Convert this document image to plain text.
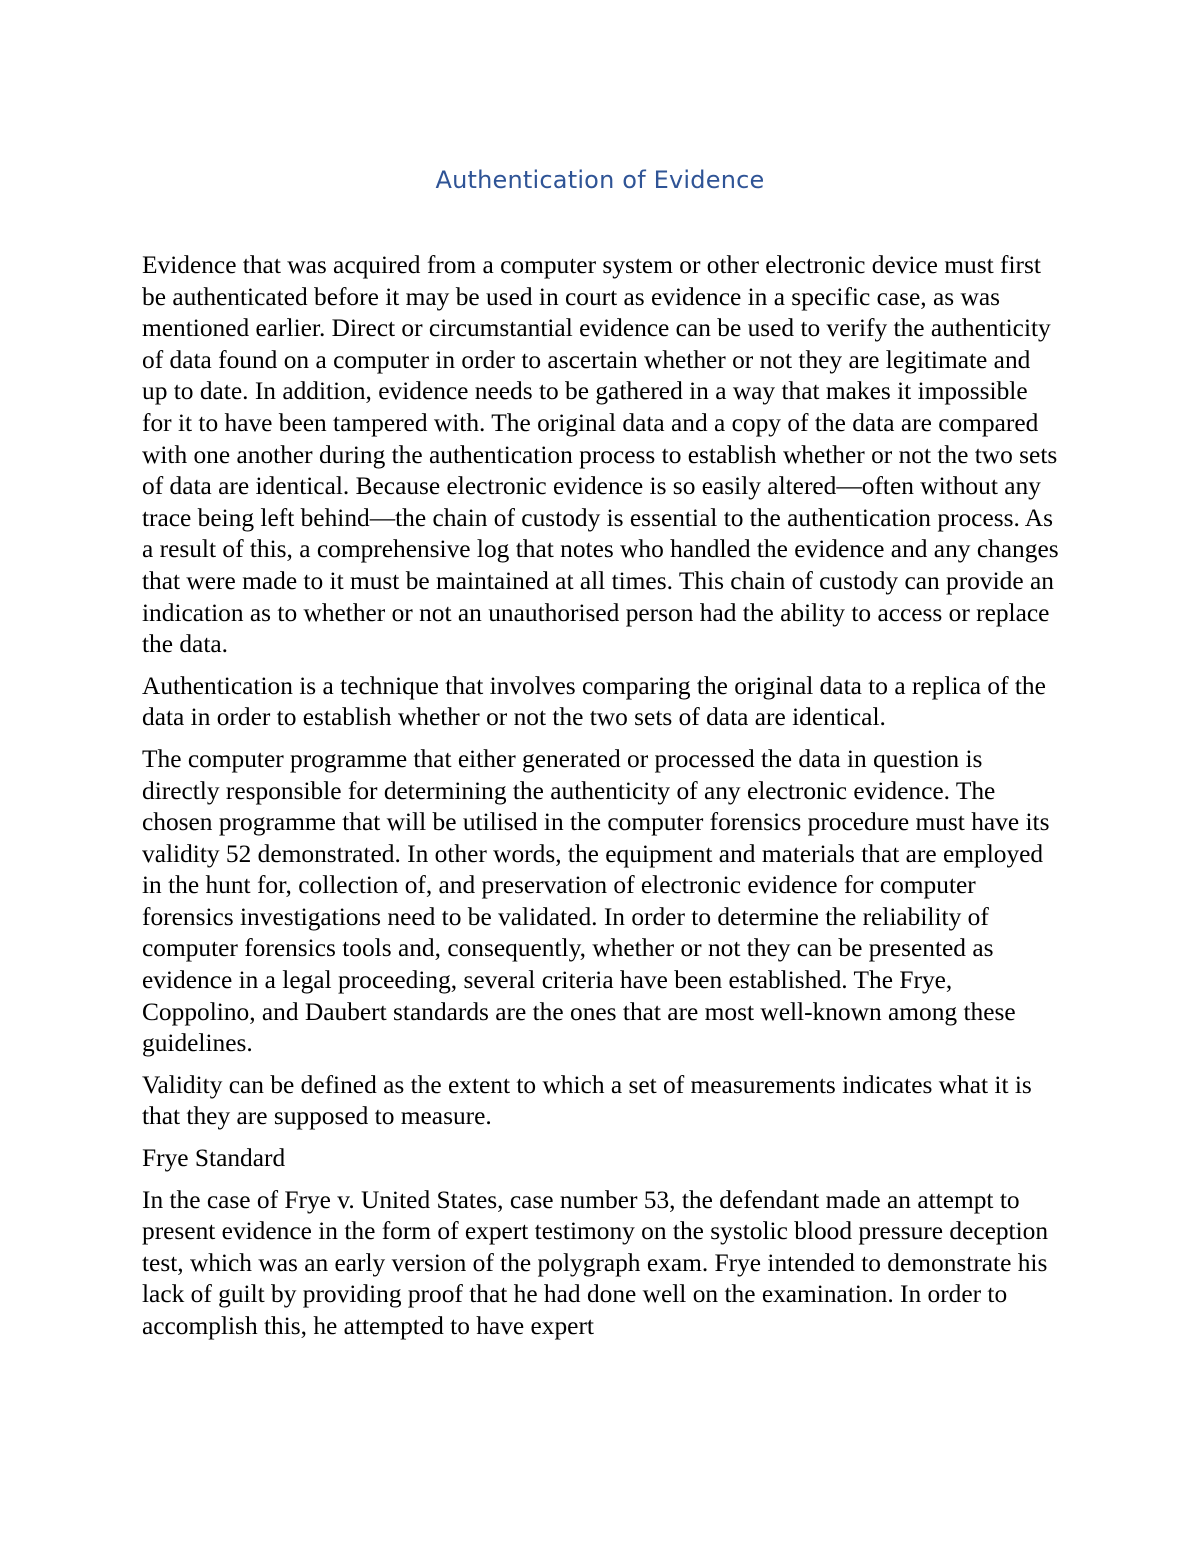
Authentication of Evidence

Evidence that was acquired from a computer system or other electronic device must first be authenticated before it may be used in court as evidence in a specific case, as was mentioned earlier. Direct or circumstantial evidence can be used to verify the authenticity of data found on a computer in order to ascertain whether or not they are legitimate and up to date. In addition, evidence needs to be gathered in a way that makes it impossible for it to have been tampered with. The original data and a copy of the data are compared with one another during the authentication process to establish whether or not the two sets of data are identical. Because electronic evidence is so easily altered—often without any trace being left behind—the chain of custody is essential to the authentication process. As a result of this, a comprehensive log that notes who handled the evidence and any changes that were made to it must be maintained at all times. This chain of custody can provide an indication as to whether or not an unauthorised person had the ability to access or replace the data.

Authentication is a technique that involves comparing the original data to a replica of the data in order to establish whether or not the two sets of data are identical.

The computer programme that either generated or processed the data in question is directly responsible for determining the authenticity of any electronic evidence. The chosen programme that will be utilised in the computer forensics procedure must have its validity 52 demonstrated. In other words, the equipment and materials that are employed in the hunt for, collection of, and preservation of electronic evidence for computer forensics investigations need to be validated. In order to determine the reliability of computer forensics tools and, consequently, whether or not they can be presented as evidence in a legal proceeding, several criteria have been established. The Frye, Coppolino, and Daubert standards are the ones that are most well-known among these guidelines.

Validity can be defined as the extent to which a set of measurements indicates what it is that they are supposed to measure.

Frye Standard

In the case of Frye v. United States, case number 53, the defendant made an attempt to present evidence in the form of expert testimony on the systolic blood pressure deception test, which was an early version of the polygraph exam. Frye intended to demonstrate his lack of guilt by providing proof that he had done well on the examination. In order to accomplish this, he attempted to have expert
